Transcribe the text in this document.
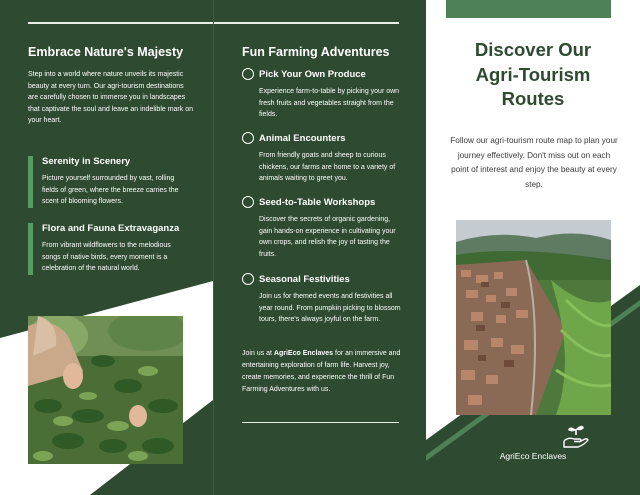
Embrace Nature's Majesty

Step into a world where nature unveils its majestic beauty at every turn. Our agri-tourism destinations are carefully chosen to immerse you in landscapes that captivate the soul and leave an indelible mark on your heart.

Serenity in Scenery

Picture yourself surrounded by vast, rolling fields of green, where the breeze carries the scent of blooming flowers.

Flora and Fauna Extravaganza

From vibrant wildflowers to the melodious songs of native birds, every moment is a celebration of the natural world.

Fun Farming Adventures
Pick Your Own Produce

Experience farm-to-table by picking your own fresh fruits and vegetables straight from the fields.

Animal Encounters

From friendly goats and sheep to curious chickens, our farms are home to a variety of animals waiting to greet you.

Seed-to-Table Workshops

Discover the secrets of organic gardening, gain hands-on experience in cultivating your own crops, and relish the joy of tasting the fruits.

Seasonal Festivities

Join us for themed events and festivities all year round. From pumpkin picking to blossom tours, there's always joyful on the farm.

Join us at AgriEco Enclaves for an immersive and entertaining exploration of farm life. Harvest joy, create memories, and experience the thrill of Fun Farming Adventures with us.

Discover Our
Agri-Tourism
Routes

Follow our agri-tourism route map to plan your journey effectively. Don't miss out on each point of interest and enjoy the beauty at every step.

AgriEco Enclaves
